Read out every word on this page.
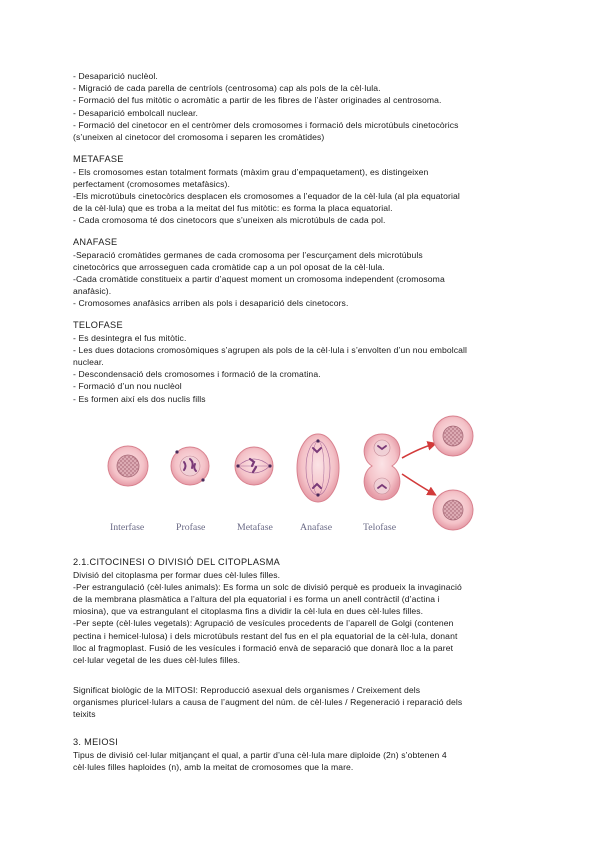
- Desaparició nuclèol.
- Migració de cada parella de centríols (centrosoma) cap als pols de la cèl·lula.
- Formació del fus mitòtic o acromàtic a partir de les fibres de l’àster originades al centrosoma.
- Desaparició embolcall nuclear.
- Formació del cinetocor en el centròmer dels cromosomes i formació dels microtúbuls cinetocòrics
(s’uneixen al cinetocor del cromosoma i separen les cromàtides)
METAFASE
- Els cromosomes estan totalment formats (màxim grau d’empaquetament), es distingeixen
perfectament (cromosomes metafàsics).
-Els microtúbuls cinetocòrics desplacen els cromosomes a l’equador de la cèl·lula (al pla equatorial
de la cèl·lula) que es troba a la meitat del fus mitòtic: es forma la placa equatorial.
- Cada cromosoma té dos cinetocors que s’uneixen als microtúbuls de cada pol.
ANAFASE
-Separació cromàtides germanes de cada cromosoma per l’escurçament dels microtúbuls
cinetocòrics que arrosseguen cada cromàtide cap a un pol oposat de la cèl·lula.
-Cada cromàtide constitueix a partir d’aquest moment un cromosoma independent (cromosoma
anafàsic).
- Cromosomes anafàsics arriben als pols i desaparició dels cinetocors.
TELOFASE
- Es desintegra el fus mitòtic.
- Les dues dotacions cromosòmiques s’agrupen als pols de la cèl·lula i s’envolten d’un nou embolcall
nuclear.
- Descondensació dels cromosomes i formació de la cromatina.
- Formació d’un nou nuclèol
- Es formen així els dos nuclis fills
Interfase	Profase	Metafase	Anafase	Telofase
2.1.CITOCINESI O DIVISIÓ DEL CITOPLASMA
Divisió del citoplasma per formar dues cèl·lules filles.
-Per estrangulació (cèl·lules animals): Es forma un solc de divisió perquè es produeix la invaginació
de la membrana plasmàtica a l’altura del pla equatorial i es forma un anell contràctil (d’actina i
miosina), que va estrangulant el citoplasma fins a dividir la cèl·lula en dues cèl·lules filles.
-Per septe (cèl·lules vegetals): Agrupació de vesícules procedents de l’aparell de Golgi (contenen
pectina i hemicel·lulosa) i dels microtúbuls restant del fus en el pla equatorial de la cèl·lula, donant
lloc al fragmoplast. Fusió de les vesícules i formació envà de separació que donarà lloc a la paret
cel·lular vegetal de les dues cèl·lules filles.
Significat biològic de la MITOSI: Reproducció asexual dels organismes / Creixement dels
organismes pluricel·lulars a causa de l’augment del núm. de cèl·lules / Regeneració i reparació dels
teixits
3. MEIOSI
Tipus de divisió cel·lular mitjançant el qual, a partir d’una cèl·lula mare diploide (2n) s’obtenen 4
cèl·lules filles haploides (n), amb la meitat de cromosomes que la mare.
